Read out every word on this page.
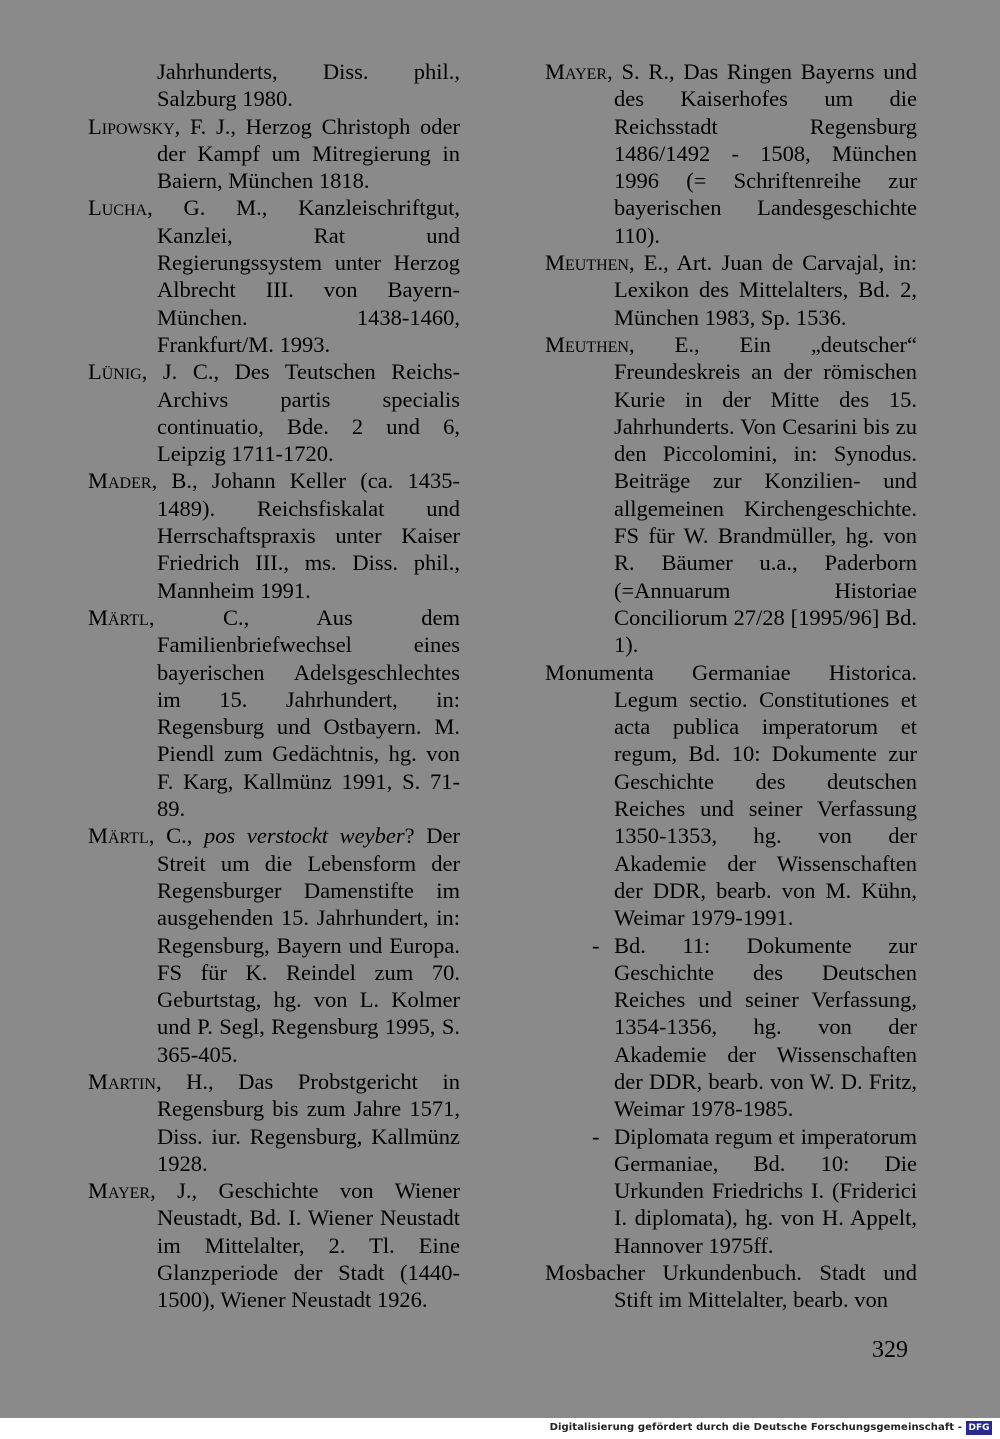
Jahrhunderts, Diss. phil., Salzburg 1980.

Lipowsky, F. J., Herzog Christoph oder der Kampf um Mitregierung in Baiern, München 1818.

Lucha, G. M., Kanzleischriftgut, Kanzlei, Rat und Regierungssystem unter Herzog Albrecht III. von Bayern-München. 1438-1460, Frankfurt/M. 1993.

Lünig, J. C., Des Teutschen Reichs-Archivs partis specialis continuatio, Bde. 2 und 6, Leipzig 1711-1720.

Mader, B., Johann Keller (ca. 1435-1489). Reichsfiskalat und Herrschaftspraxis unter Kaiser Friedrich III., ms. Diss. phil., Mannheim 1991.

Märtl, C., Aus dem Familienbriefwechsel eines bayerischen Adelsgeschlechtes im 15. Jahrhundert, in: Regensburg und Ostbayern. M. Piendl zum Gedächtnis, hg. von F. Karg, Kallmünz 1991, S. 71-89.

Märtl, C., pos verstockt weyber? Der Streit um die Lebensform der Regensburger Damenstifte im ausgehenden 15. Jahrhundert, in: Regensburg, Bayern und Europa. FS für K. Reindel zum 70. Geburtstag, hg. von L. Kolmer und P. Segl, Regensburg 1995, S. 365-405.

Martin, H., Das Probstgericht in Regensburg bis zum Jahre 1571, Diss. iur. Regensburg, Kallmünz 1928.

Mayer, J., Geschichte von Wiener Neustadt, Bd. I. Wiener Neustadt im Mittelalter, 2. Tl. Eine Glanzperiode der Stadt (1440-1500), Wiener Neustadt 1926.

Mayer, S. R., Das Ringen Bayerns und des Kaiserhofes um die Reichsstadt Regensburg 1486/1492 - 1508, München 1996 (= Schriftenreihe zur bayerischen Landesgeschichte 110).

Meuthen, E., Art. Juan de Carvajal, in: Lexikon des Mittelalters, Bd. 2, München 1983, Sp. 1536.

Meuthen, E., Ein „deutscher“ Freundeskreis an der römischen Kurie in der Mitte des 15. Jahrhunderts. Von Cesarini bis zu den Piccolomini, in: Synodus. Beiträge zur Konzilien- und allgemeinen Kirchengeschichte. FS für W. Brandmüller, hg. von R. Bäumer u.a., Paderborn (=Annuarum Historiae Conciliorum 27/28 [1995/96] Bd. 1).

Monumenta Germaniae Historica. Legum sectio. Constitutiones et acta publica imperatorum et regum, Bd. 10: Dokumente zur Geschichte des deutschen Reiches und seiner Verfassung 1350-1353, hg. von der Akademie der Wissenschaften der DDR, bearb. von M. Kühn, Weimar 1979-1991.

- Bd. 11: Dokumente zur Geschichte des Deutschen Reiches und seiner Verfassung, 1354-1356, hg. von der Akademie der Wissenschaften der DDR, bearb. von W. D. Fritz, Weimar 1978-1985.

- Diplomata regum et imperatorum Germaniae, Bd. 10: Die Urkunden Friedrichs I. (Friderici I. diplomata), hg. von H. Appelt, Hannover 1975ff.

Mosbacher Urkundenbuch. Stadt und Stift im Mittelalter, bearb. von

329
Digitalisierung gefördert durch die Deutsche Forschungsgemeinschaft - DFG
